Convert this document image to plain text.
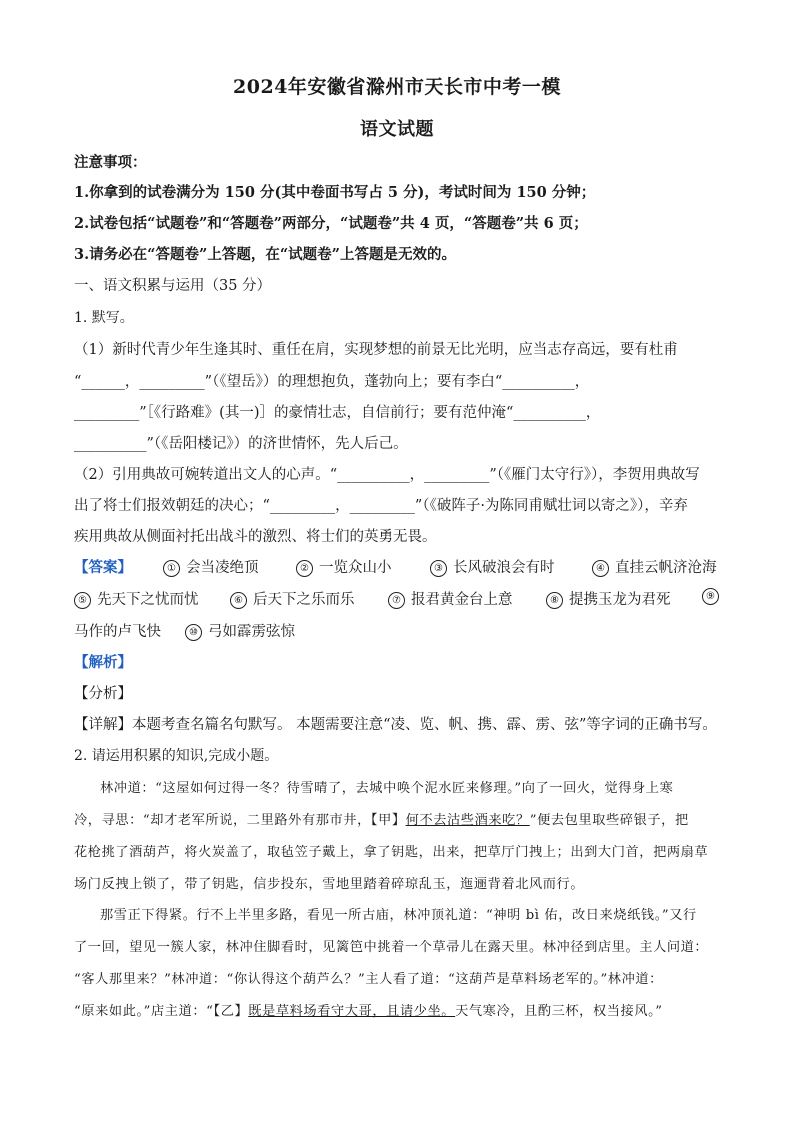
2024年安徽省滁州市天长市中考一模
语文试题
注意事项：
1.你拿到的试卷满分为 150 分(其中卷面书写占 5 分)，考试时间为 150 分钟；
2.试卷包括“试题卷”和“答题卷”两部分，“试题卷”共 4 页，“答题卷”共 6 页；
3.请务必在“答题卷”上答题，在“试题卷”上答题是无效的。
一、语文积累与运用（35 分）
1. 默写。
（1）新时代青少年生逢其时、重任在肩，实现梦想的前景无比光明，应当志存高远，要有杜甫
“______，_________”（《望岳》）的理想抱负，蓬勃向上；要有李白“__________，
_________”［《行路难》(其一)］的豪情壮志，自信前行；要有范仲淹“__________，
__________”（《岳阳楼记》）的济世情怀，先人后己。
（2）引用典故可婉转道出文人的心声。“__________，_________”（《雁门太守行》），李贺用典故写
出了将士们报效朝廷的决心；“_________，_________”（《破阵子·为陈同甫赋壮词以寄之》），辛弃
疾用典故从侧面衬托出战斗的激烈、将士们的英勇无畏。
【答案】	① 会当凌绝顶	② 一览众山小	③ 长风破浪会有时	④ 直挂云帆济沧海
⑤ 先天下之忧而忧	⑥ 后天下之乐而乐	⑦ 报君黄金台上意	⑧ 提携玉龙为君死	⑨
马作的卢飞快	⑩ 弓如霹雳弦惊
【解析】
【分析】
【详解】本题考查名篇名句默写。 本题需要注意“凌、览、帆、携、霹、雳、弦”等字词的正确书写。
2. 请运用积累的知识,完成小题。
林冲道：“这屋如何过得一冬？待雪晴了，去城中唤个泥水匠来修理。”向了一回火，觉得身上寒
冷，寻思：“却才老军所说，二里路外有那市井，【甲】何不去沽些酒来吃？”便去包里取些碎银子，把
花枪挑了酒葫芦，将火炭盖了，取毡笠子戴上，拿了钥匙，出来，把草厅门拽上；出到大门首，把两扇草
场门反拽上锁了，带了钥匙，信步投东，雪地里踏着碎琼乱玉，迤逦背着北风而行。
那雪正下得紧。行不上半里多路，看见一所古庙，林冲顶礼道：“神明 bì 佑，改日来烧纸钱。”又行
了一回，望见一簇人家，林冲住脚看时，见篱笆中挑着一个草帚儿在露天里。林冲径到店里。主人问道：
“客人那里来？”林冲道：“你认得这个葫芦么？”主人看了道：“这葫芦是草料场老军的。”林冲道：
“原来如此。”店主道：“【乙】既是草料场看守大哥，且请少坐。天气寒冷，且酌三杯，权当接风。”
